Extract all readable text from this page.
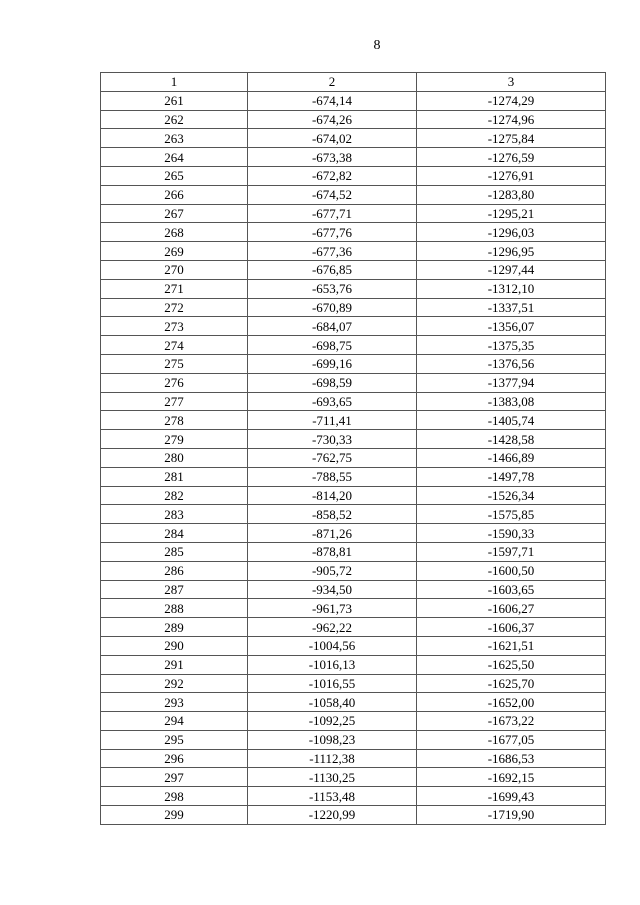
8
1	2	3
261	-674,14	-1274,29
262	-674,26	-1274,96
263	-674,02	-1275,84
264	-673,38	-1276,59
265	-672,82	-1276,91
266	-674,52	-1283,80
267	-677,71	-1295,21
268	-677,76	-1296,03
269	-677,36	-1296,95
270	-676,85	-1297,44
271	-653,76	-1312,10
272	-670,89	-1337,51
273	-684,07	-1356,07
274	-698,75	-1375,35
275	-699,16	-1376,56
276	-698,59	-1377,94
277	-693,65	-1383,08
278	-711,41	-1405,74
279	-730,33	-1428,58
280	-762,75	-1466,89
281	-788,55	-1497,78
282	-814,20	-1526,34
283	-858,52	-1575,85
284	-871,26	-1590,33
285	-878,81	-1597,71
286	-905,72	-1600,50
287	-934,50	-1603,65
288	-961,73	-1606,27
289	-962,22	-1606,37
290	-1004,56	-1621,51
291	-1016,13	-1625,50
292	-1016,55	-1625,70
293	-1058,40	-1652,00
294	-1092,25	-1673,22
295	-1098,23	-1677,05
296	-1112,38	-1686,53
297	-1130,25	-1692,15
298	-1153,48	-1699,43
299	-1220,99	-1719,90
